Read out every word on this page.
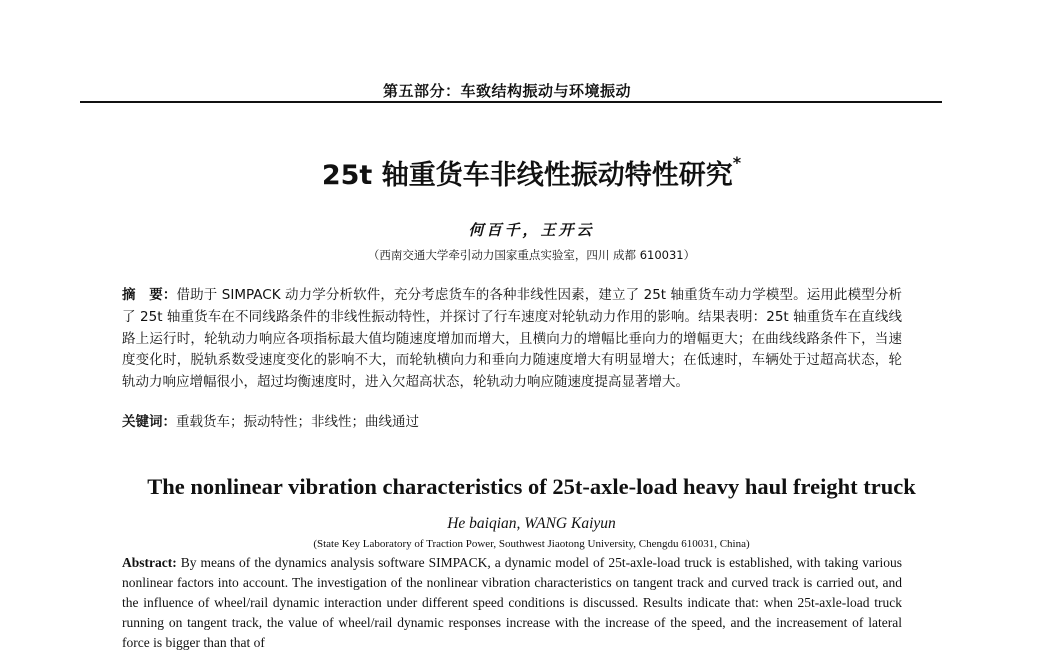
第五部分：车致结构振动与环境振动
25t 轴重货车非线性振动特性研究*
何百千，王开云
（西南交通大学牵引动力国家重点实验室，四川 成都 610031）
摘　要：借助于 SIMPACK 动力学分析软件，充分考虑货车的各种非线性因素，建立了 25t 轴重货车动力学模型。运用此模型分析了 25t 轴重货车在不同线路条件的非线性振动特性，并探讨了行车速度对轮轨动力作用的影响。结果表明：25t 轴重货车在直线线路上运行时，轮轨动力响应各项指标最大值均随速度增加而增大，且横向力的增幅比垂向力的增幅更大；在曲线线路条件下，当速度变化时，脱轨系数受速度变化的影响不大，而轮轨横向力和垂向力随速度增大有明显增大；在低速时，车辆处于过超高状态，轮轨动力响应增幅很小，超过均衡速度时，进入欠超高状态，轮轨动力响应随速度提高显著增大。
关键词：重载货车；振动特性；非线性；曲线通过
The nonlinear vibration characteristics of 25t-axle-load heavy haul freight truck
He baiqian, WANG Kaiyun
(State Key Laboratory of Traction Power, Southwest Jiaotong University, Chengdu 610031, China)
Abstract: By means of the dynamics analysis software SIMPACK, a dynamic model of 25t-axle-load truck is established, with taking various nonlinear factors into account. The investigation of the nonlinear vibration characteristics on tangent track and curved track is carried out, and the influence of wheel/rail dynamic interaction under different speed conditions is discussed. Results indicate that: when 25t-axle-load truck running on tangent track, the value of wheel/rail dynamic responses increase with the increase of the speed, and the increasement of lateral force is bigger than that of
